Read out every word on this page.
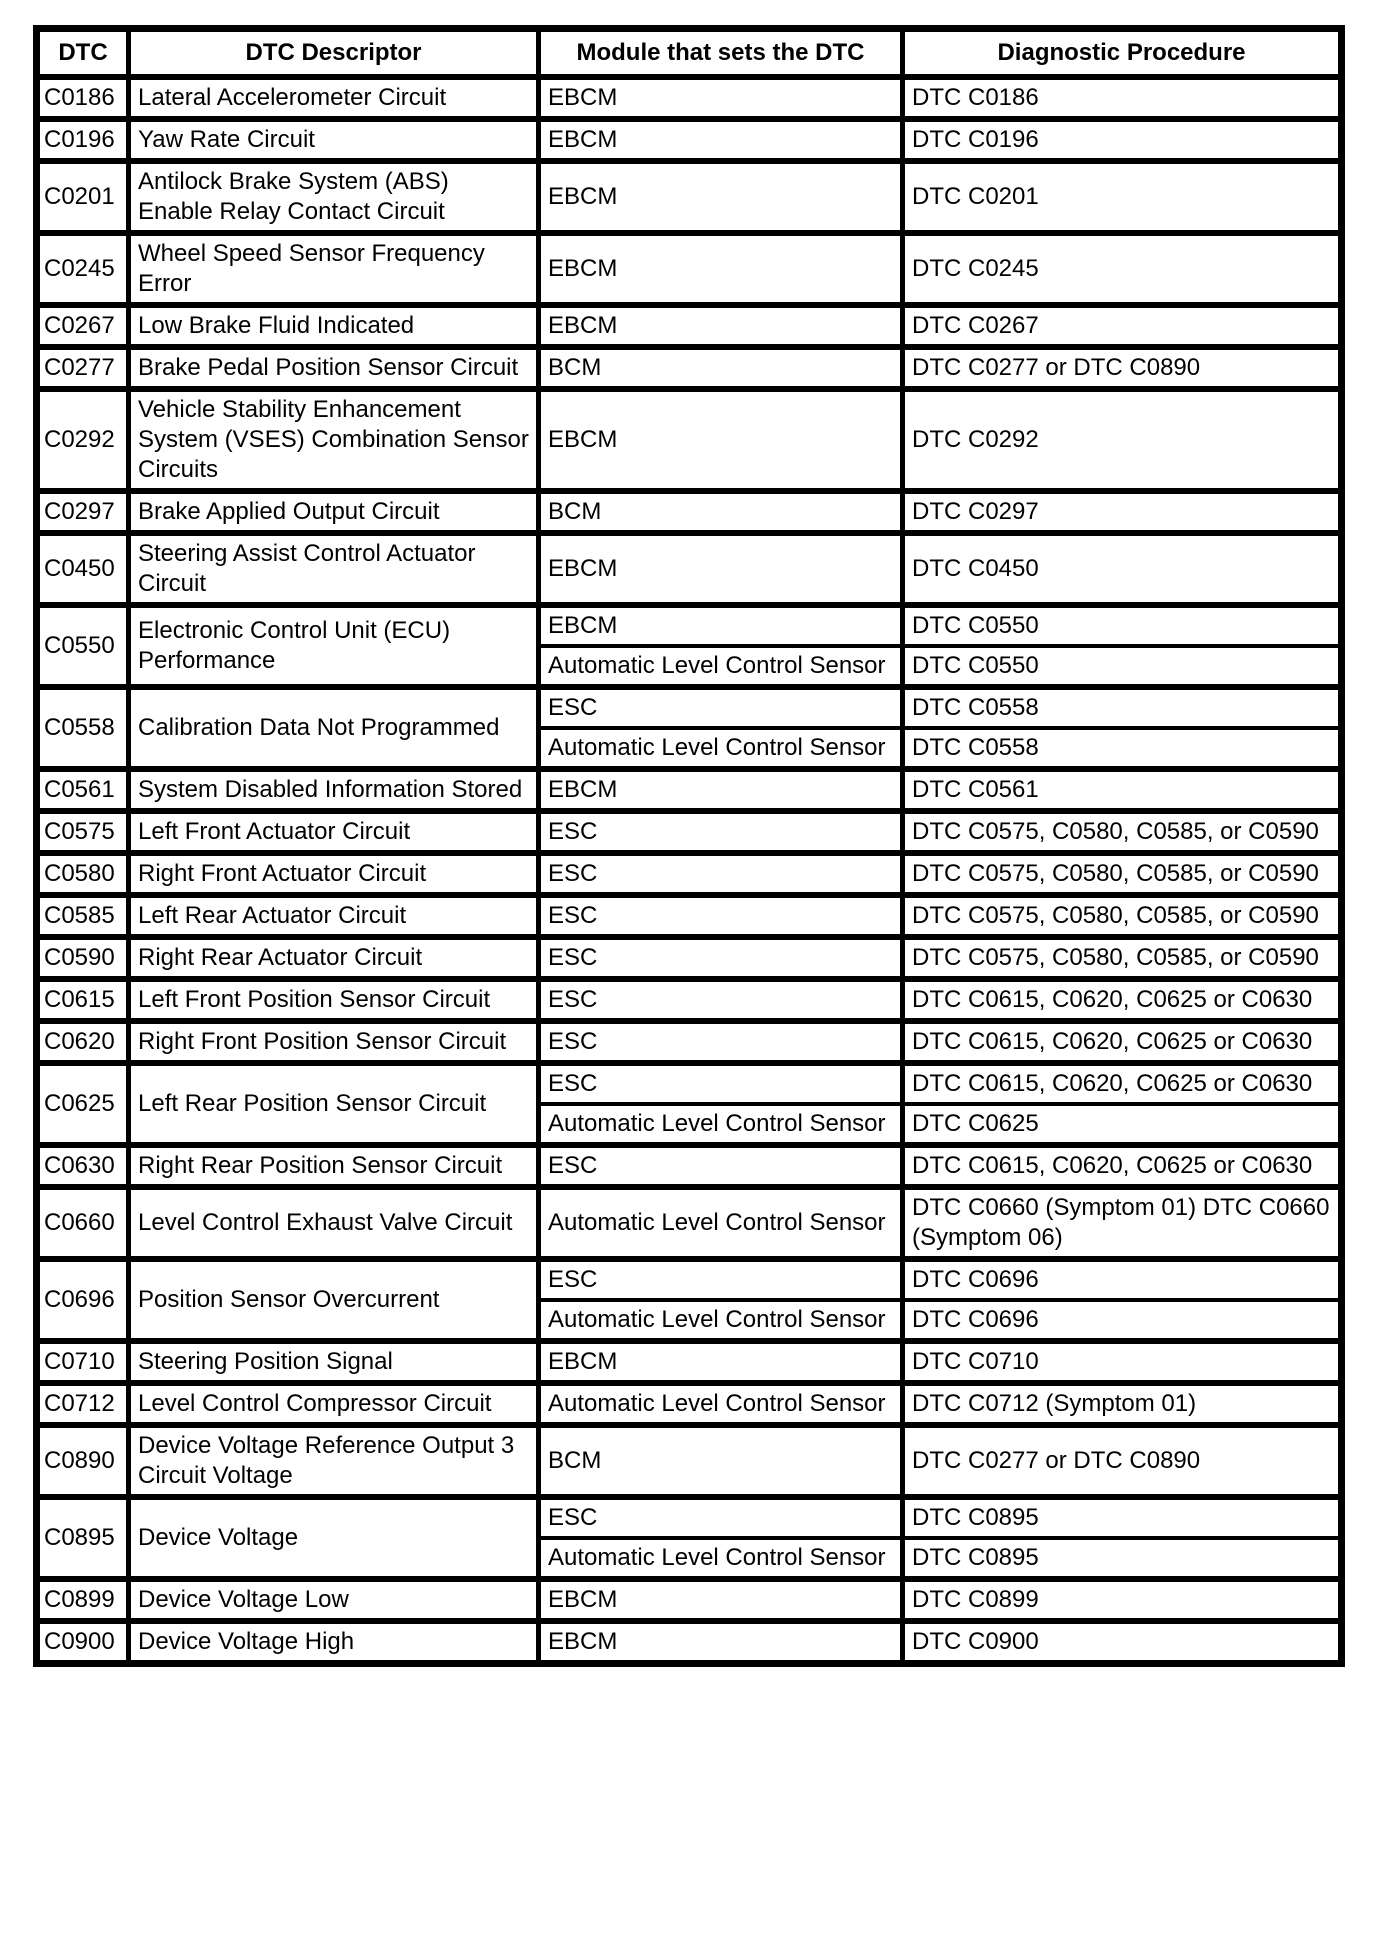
DTC	DTC Descriptor	Module that sets the DTC	Diagnostic Procedure
C0186	Lateral Accelerometer Circuit	EBCM	DTC C0186
C0196	Yaw Rate Circuit	EBCM	DTC C0196
C0201	Antilock Brake System (ABS) Enable Relay Contact Circuit	EBCM	DTC C0201
C0245	Wheel Speed Sensor Frequency Error	EBCM	DTC C0245
C0267	Low Brake Fluid Indicated	EBCM	DTC C0267
C0277	Brake Pedal Position Sensor Circuit	BCM	DTC C0277 or DTC C0890
C0292	Vehicle Stability Enhancement System (VSES) Combination Sensor Circuits	EBCM	DTC C0292
C0297	Brake Applied Output Circuit	BCM	DTC C0297
C0450	Steering Assist Control Actuator Circuit	EBCM	DTC C0450
C0550	Electronic Control Unit (ECU) Performance	EBCM	DTC C0550
		Automatic Level Control Sensor	DTC C0550
C0558	Calibration Data Not Programmed	ESC	DTC C0558
		Automatic Level Control Sensor	DTC C0558
C0561	System Disabled Information Stored	EBCM	DTC C0561
C0575	Left Front Actuator Circuit	ESC	DTC C0575, C0580, C0585, or C0590
C0580	Right Front Actuator Circuit	ESC	DTC C0575, C0580, C0585, or C0590
C0585	Left Rear Actuator Circuit	ESC	DTC C0575, C0580, C0585, or C0590
C0590	Right Rear Actuator Circuit	ESC	DTC C0575, C0580, C0585, or C0590
C0615	Left Front Position Sensor Circuit	ESC	DTC C0615, C0620, C0625 or C0630
C0620	Right Front Position Sensor Circuit	ESC	DTC C0615, C0620, C0625 or C0630
C0625	Left Rear Position Sensor Circuit	ESC	DTC C0615, C0620, C0625 or C0630
		Automatic Level Control Sensor	DTC C0625
C0630	Right Rear Position Sensor Circuit	ESC	DTC C0615, C0620, C0625 or C0630
C0660	Level Control Exhaust Valve Circuit	Automatic Level Control Sensor	DTC C0660 (Symptom 01) DTC C0660 (Symptom 06)
C0696	Position Sensor Overcurrent	ESC	DTC C0696
		Automatic Level Control Sensor	DTC C0696
C0710	Steering Position Signal	EBCM	DTC C0710
C0712	Level Control Compressor Circuit	Automatic Level Control Sensor	DTC C0712 (Symptom 01)
C0890	Device Voltage Reference Output 3 Circuit Voltage	BCM	DTC C0277 or DTC C0890
C0895	Device Voltage	ESC	DTC C0895
		Automatic Level Control Sensor	DTC C0895
C0899	Device Voltage Low	EBCM	DTC C0899
C0900	Device Voltage High	EBCM	DTC C0900
